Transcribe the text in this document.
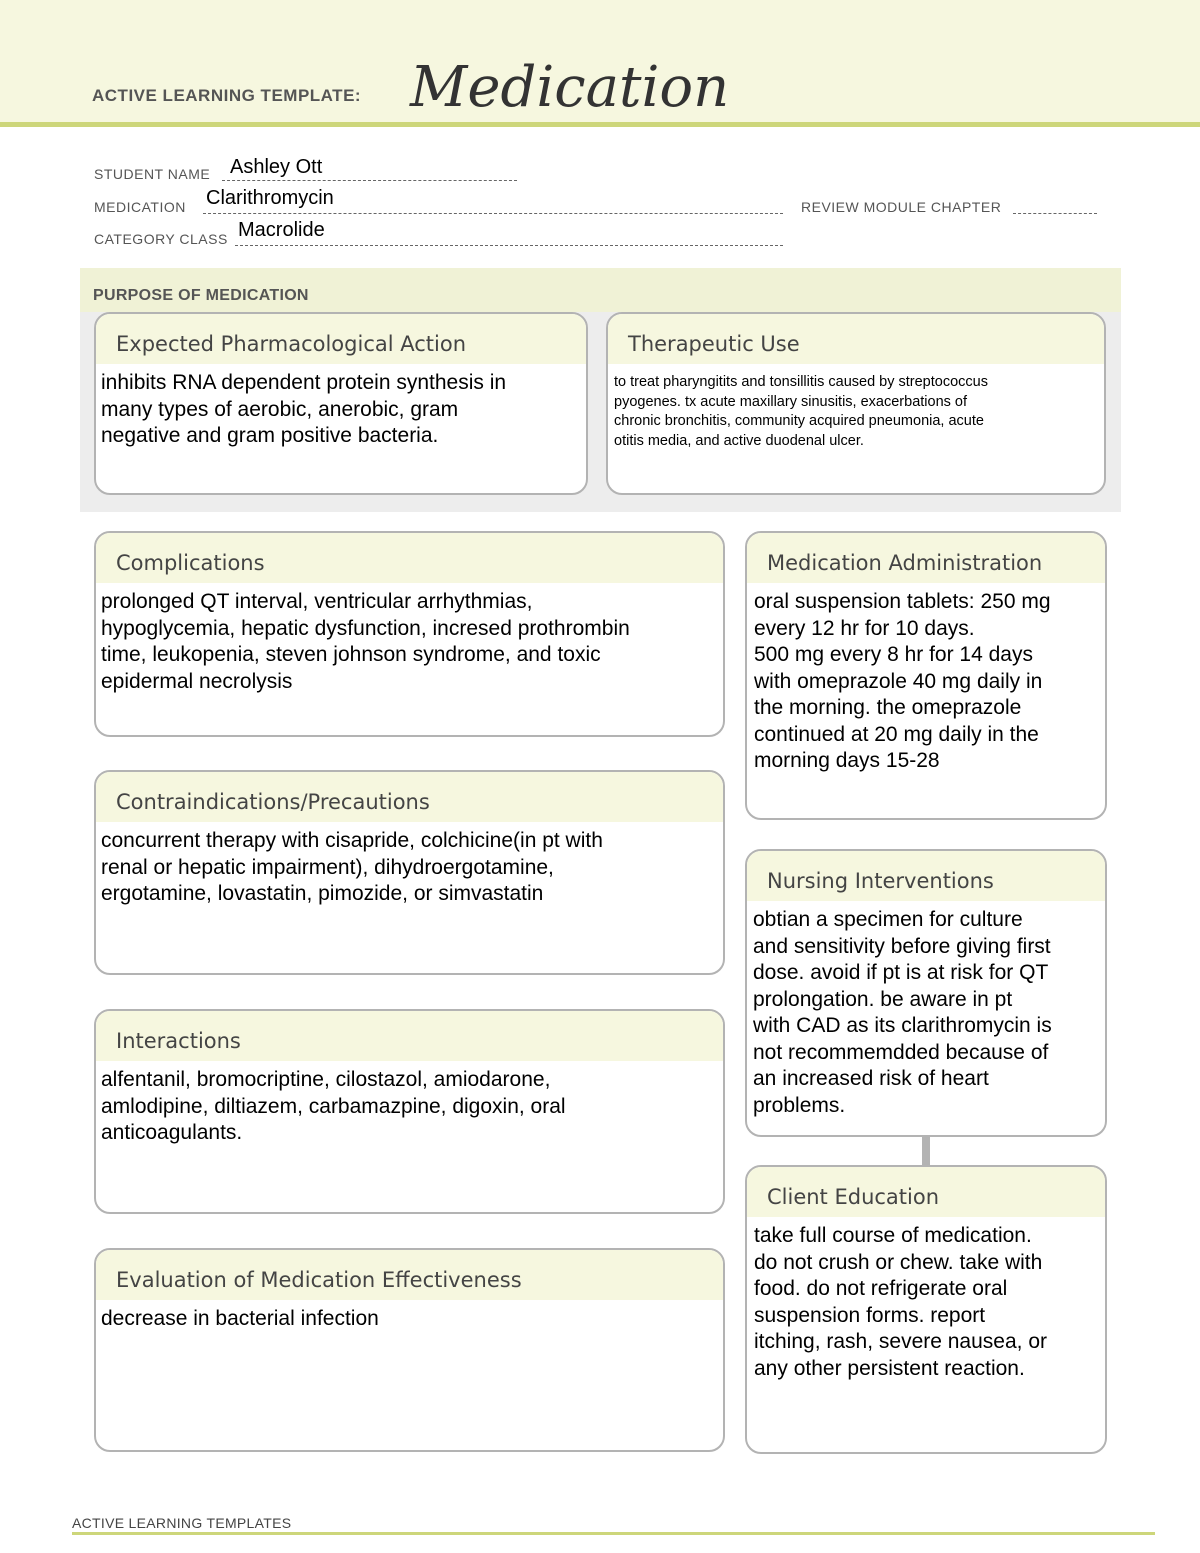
ACTIVE LEARNING TEMPLATE: Medication
STUDENT NAME Ashley Ott
MEDICATION Clarithromycin	REVIEW MODULE CHAPTER
CATEGORY CLASS Macrolide
PURPOSE OF MEDICATION
Expected Pharmacological Action
inhibits RNA dependent protein synthesis in
many types of aerobic, anerobic, gram
negative and gram positive bacteria.
Therapeutic Use
to treat pharyngitits and tonsillitis caused by streptococcus
pyogenes. tx acute maxillary sinusitis, exacerbations of
chronic bronchitis, community acquired pneumonia, acute
otitis media, and active duodenal ulcer.
Complications
prolonged QT interval, ventricular arrhythmias,
hypoglycemia, hepatic dysfunction, incresed prothrombin
time, leukopenia, steven johnson syndrome, and toxic
epidermal necrolysis
Contraindications/Precautions
concurrent therapy with cisapride, colchicine(in pt with
renal or hepatic impairment), dihydroergotamine,
ergotamine, lovastatin, pimozide, or simvastatin
Interactions
alfentanil, bromocriptine, cilostazol, amiodarone,
amlodipine, diltiazem, carbamazpine, digoxin, oral
anticoagulants.
Evaluation of Medication Effectiveness
decrease in bacterial infection
Medication Administration
oral suspension tablets: 250 mg
every 12 hr for 10 days.
500 mg every 8 hr for 14 days
with omeprazole 40 mg daily in
the morning. the omeprazole
continued at 20 mg daily in the
morning days 15-28
Nursing Interventions
obtian a specimen for culture
and sensitivity before giving first
dose. avoid if pt is at risk for QT
prolongation. be aware in pt
with CAD as its clarithromycin is
not recommemdded because of
an increased risk of heart
problems.
Client Education
take full course of medication.
do not crush or chew. take with
food. do not refrigerate oral
suspension forms. report
itching, rash, severe nausea, or
any other persistent reaction.
ACTIVE LEARNING TEMPLATES
